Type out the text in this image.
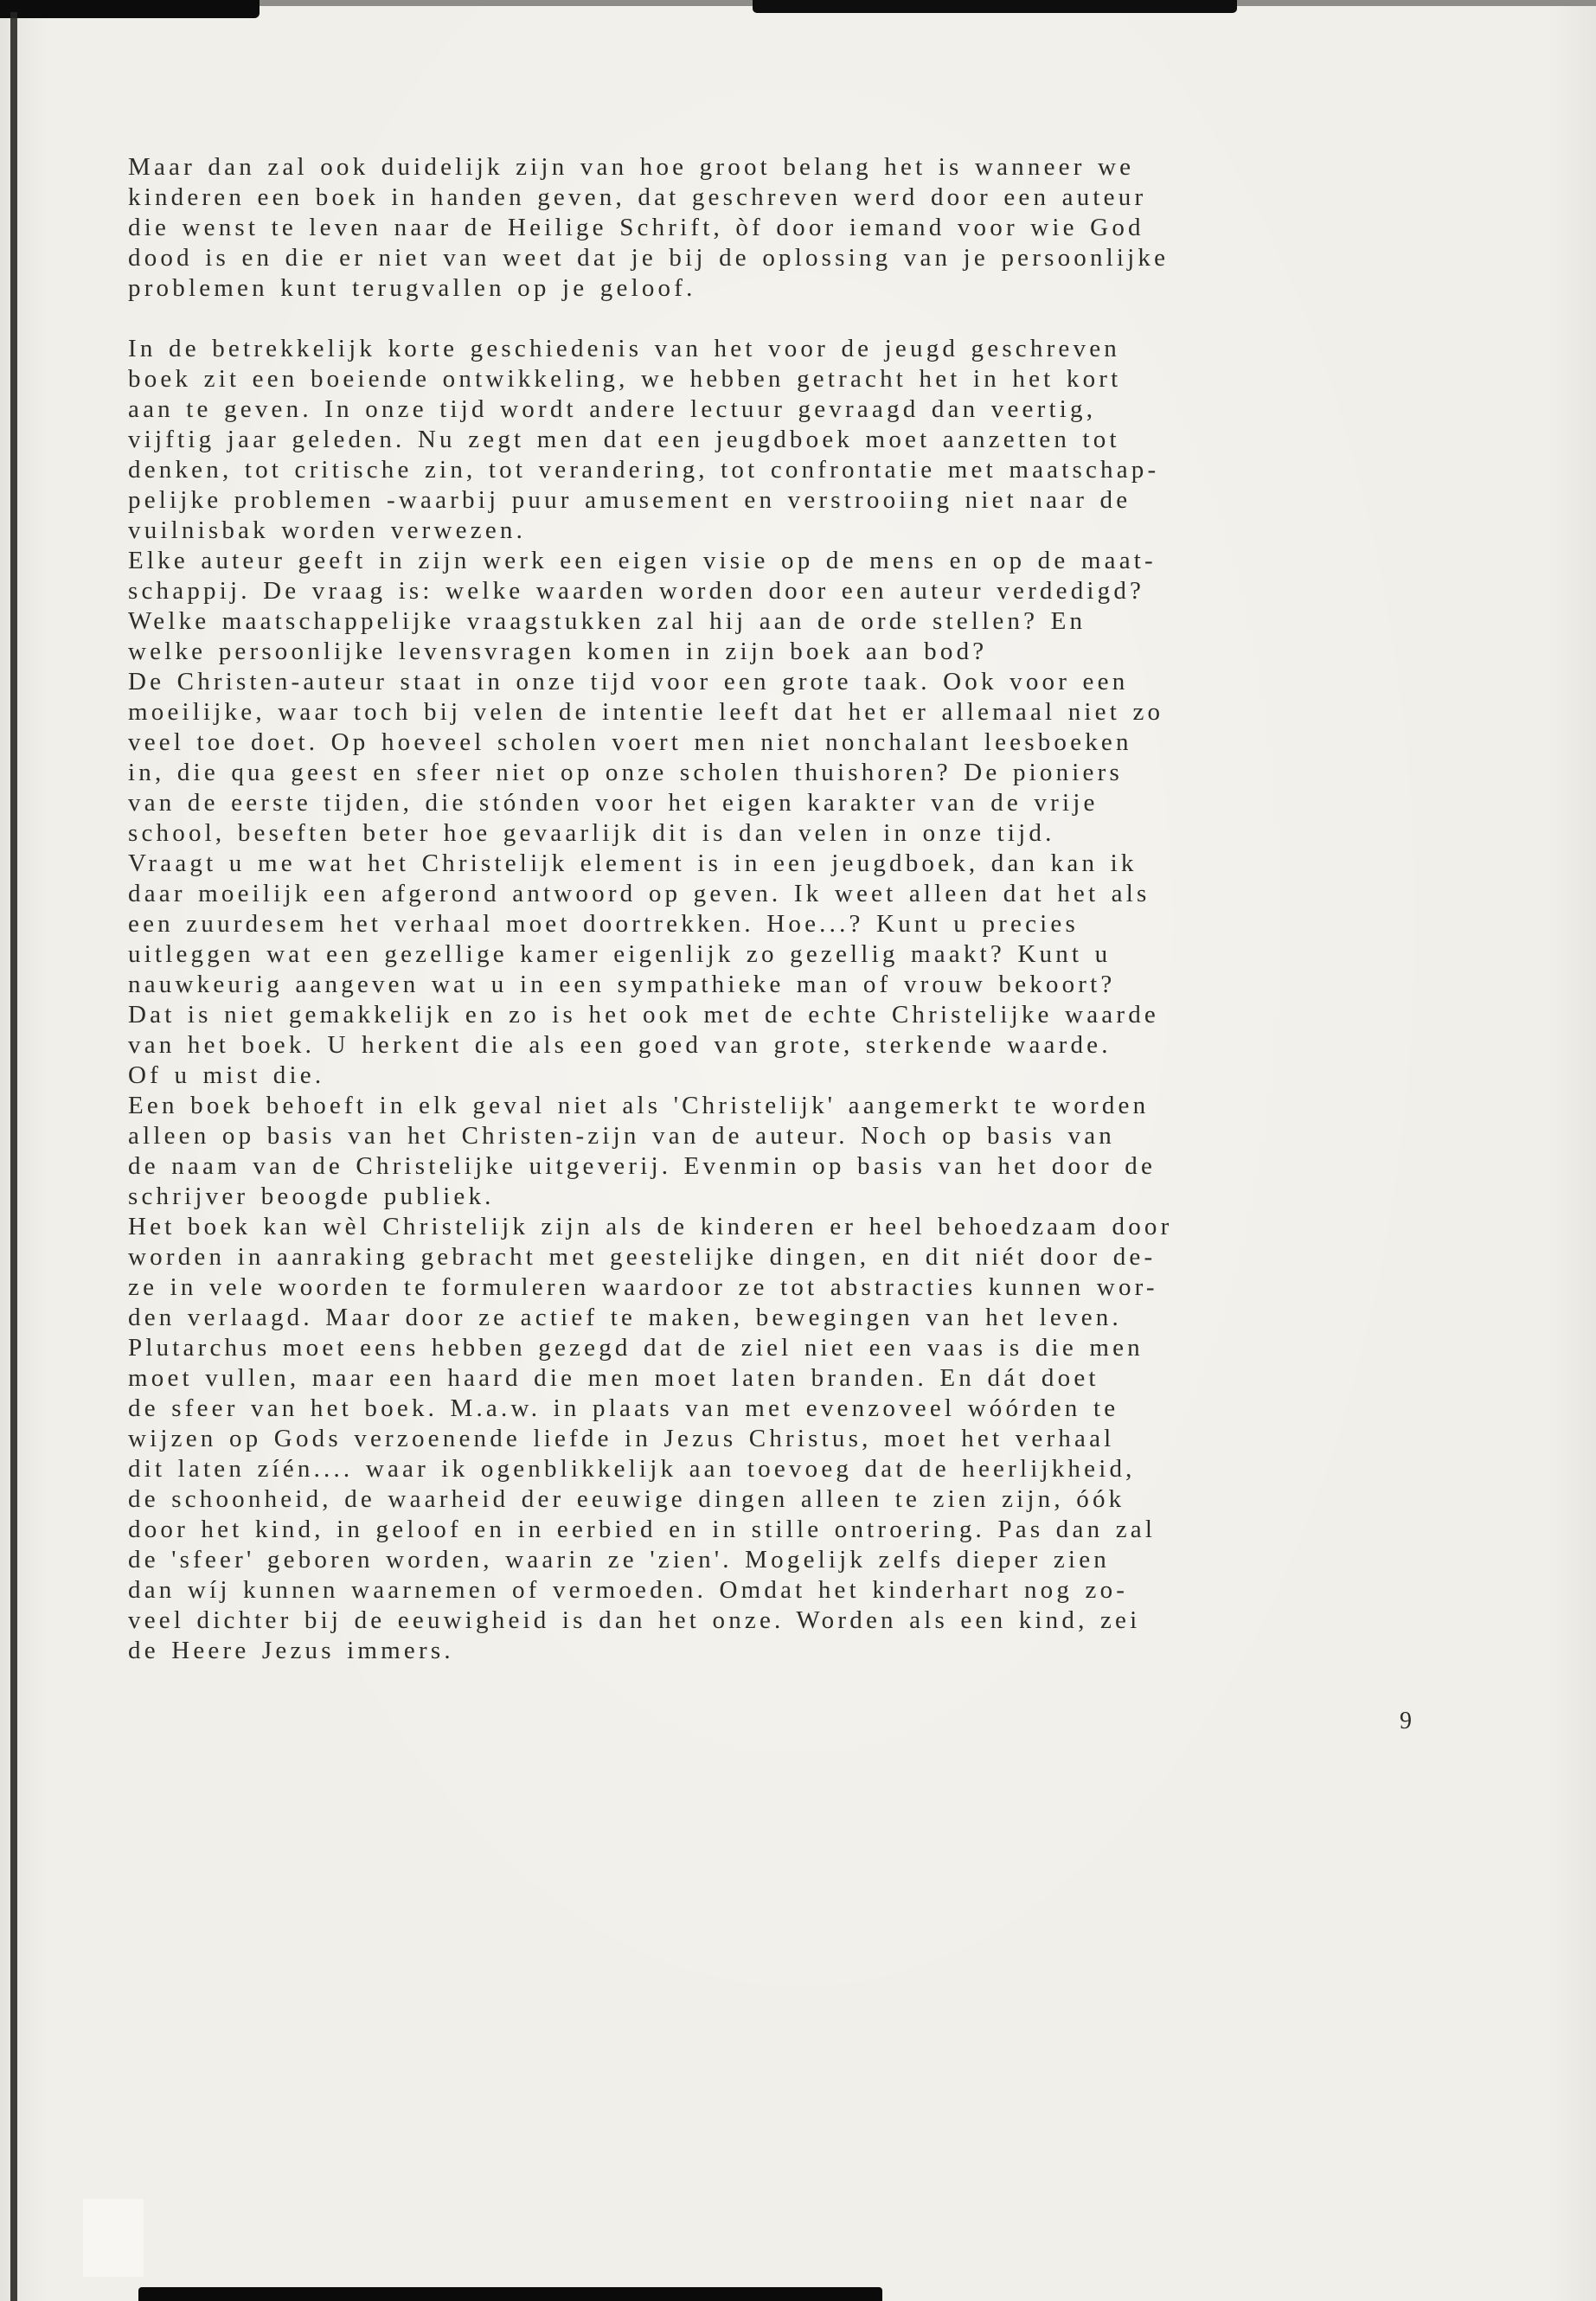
Maar dan zal ook duidelijk zijn van hoe groot belang het is wanneer we
kinderen een boek in handen geven, dat geschreven werd door een auteur
die wenst te leven naar de Heilige Schrift, òf door iemand voor wie God
dood is en die er niet van weet dat je bij de oplossing van je persoonlijke
problemen kunt terugvallen op je geloof.

In de betrekkelijk korte geschiedenis van het voor de jeugd geschreven
boek zit een boeiende ontwikkeling, we hebben getracht het in het kort
aan te geven. In onze tijd wordt andere lectuur gevraagd dan veertig,
vijftig jaar geleden. Nu zegt men dat een jeugdboek moet aanzetten tot
denken, tot critische zin, tot verandering, tot confrontatie met maatschap-
pelijke problemen -waarbij puur amusement en verstrooiing niet naar de
vuilnisbak worden verwezen.
Elke auteur geeft in zijn werk een eigen visie op de mens en op de maat-
schappij. De vraag is: welke waarden worden door een auteur verdedigd?
Welke maatschappelijke vraagstukken zal hij aan de orde stellen? En
welke persoonlijke levensvragen komen in zijn boek aan bod?
De Christen-auteur staat in onze tijd voor een grote taak. Ook voor een
moeilijke, waar toch bij velen de intentie leeft dat het er allemaal niet zo
veel toe doet. Op hoeveel scholen voert men niet nonchalant leesboeken
in, die qua geest en sfeer niet op onze scholen thuishoren? De pioniers
van de eerste tijden, die stónden voor het eigen karakter van de vrije
school, beseften beter hoe gevaarlijk dit is dan velen in onze tijd.
Vraagt u me wat het Christelijk element is in een jeugdboek, dan kan ik
daar moeilijk een afgerond antwoord op geven. Ik weet alleen dat het als
een zuurdesem het verhaal moet doortrekken. Hoe...? Kunt u precies
uitleggen wat een gezellige kamer eigenlijk zo gezellig maakt? Kunt u
nauwkeurig aangeven wat u in een sympathieke man of vrouw bekoort?
Dat is niet gemakkelijk en zo is het ook met de echte Christelijke waarde
van het boek. U herkent die als een goed van grote, sterkende waarde.
Of u mist die.
Een boek behoeft in elk geval niet als 'Christelijk' aangemerkt te worden
alleen op basis van het Christen-zijn van de auteur. Noch op basis van
de naam van de Christelijke uitgeverij. Evenmin op basis van het door de
schrijver beoogde publiek.
Het boek kan wèl Christelijk zijn als de kinderen er heel behoedzaam door
worden in aanraking gebracht met geestelijke dingen, en dit niét door de-
ze in vele woorden te formuleren waardoor ze tot abstracties kunnen wor-
den verlaagd. Maar door ze actief te maken, bewegingen van het leven.
Plutarchus moet eens hebben gezegd dat de ziel niet een vaas is die men
moet vullen, maar een haard die men moet laten branden. En dát doet
de sfeer van het boek. M.a.w. in plaats van met evenzoveel wóórden te
wijzen op Gods verzoenende liefde in Jezus Christus, moet het verhaal
dit laten zíén.... waar ik ogenblikkelijk aan toevoeg dat de heerlijkheid,
de schoonheid, de waarheid der eeuwige dingen alleen te zien zijn, óók
door het kind, in geloof en in eerbied en in stille ontroering. Pas dan zal
de 'sfeer' geboren worden, waarin ze 'zien'. Mogelijk zelfs dieper zien
dan wíj kunnen waarnemen of vermoeden. Omdat het kinderhart nog zo-
veel dichter bij de eeuwigheid is dan het onze. Worden als een kind, zei
de Heere Jezus immers.

9
